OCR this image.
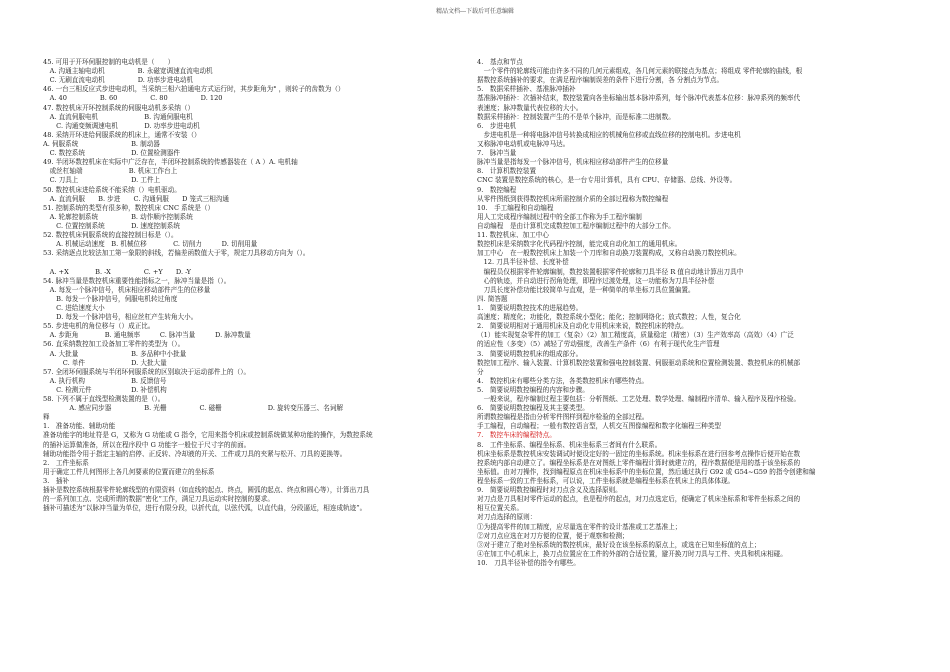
精品文档---下载后可任意编辑
45. 可用于开环伺服控制的电动机是（　　）
　A. 沟通主轴电动机　　　　　B. 永磁宽调速直流电动机
　C. 无刷直流电动机　　　　　D. 功率步进电动机
46. 一台三相反应式步进电动机，当采纳三相六拍通电方式运行时，其步距角为° ，则转子的齿数为（）
　A. 40　　　　　B. 60　　　　　C. 80　　　　　D. 120
47. 数控机床开环控制系统的伺服电动机多采纳（）
　A. 直流伺服电机　　　　　　　B. 沟通伺服电机
　　C. 沟通变频调速电机　　　　D. 功率步进电动机
48. 采纳开环进给伺服系统的机床上，通常不安装（）
A. 伺服系统　　　　　　　　B. 制动器
　C. 数控系统　　　　　　　D. 位置检测器件
49. 半闭环数控机床在实际中广泛存在，半闭环控制系统的传感器装在（ A ）A. 电机轴
　或丝杠轴端　　　　　　　B. 机床工作台上
　C. 刀具上　　　　　　　　D. 工件上
50. 数控机床进给系统不能采纳（）电机驱动。
　A. 直流伺服　　B. 步进　　C. 沟通伺服　　D 笼式三相沟通
51. 控制系统的类型有很多种，数控机床 CNC 系统是（）
　A. 轮廓控制系统　　　　　B. 动作顺序控制系统
　　C. 位置控制系统　　　　D. 速度控制系统
52. 数控机床伺服系统的直接控制目标是（）。
　　A. 机械运动速度　B. 机械位移　　　　C. 切削力　　　D. 切削用量
53. 采纳逐点比较法加工第一象限的斜线，若偏差函数值大于零，规定刀具移动方向为（）。
　A. +X　　　　B. -X　　　　　C. +Y　　D. -Y
54. 脉冲当量是数控机床重要性能指标之一，脉冲当量是指（）。
　A. 每发一个脉冲信号，机床相应移动部件产生的位移量
　　B. 每发一个脉冲信号，伺服电机转过角度
　　C. 进给速度大小
　　D. 每发一个脉冲信号，相应丝杠产生转角大小。
55. 步进电机的角位移与（）成正比。
　A. 步距角　　　　B. 通电频率　　　C. 脉冲当量　　　D. 脉冲数量
56. 直采纳数控加工设备加工零件的类型为（）。
　A. 大批量　　　　　　　　B. 多品种中小批量
　　　C. 单件　　　　　　　D. 大批大量
57. 全闭环伺服系统与半闭环伺服系统的区别取决于运动部件上的（）。
　A. 执行机构　　　　　　　B. 反馈信号
　　C. 检测元件　　　　　　D. 补偿机构
58. 下列不属于直线型检测装置的是（）。
　　　　A. 感应同步器　　　　　B. 光栅　　　　　C. 磁栅　　　　　　　D. 旋转变压器三、名词解
释
1.　准备功能、辅助功能
准备功能字的地址符是 G，又称为 G 功能或 G 指令，它用来指令机床或控制系统做某种功能的操作，为数控系统
的插补运算做准备，所以在程序段中 G 功能字一般位于尺寸字的前面。
辅助功能指令用于指定主轴的启停、正反转、冷却液的开关、工件或刀具的夹紧与松开、刀具的更换等。
2.　工件坐标系
用于确定工件几何图形上各几何要素的位置而建立的坐标系
3.　插补
插补是数控系统根据零件轮廓线型的有限资料（如直线的起点、终点，圆弧的起点、终点和圆心等），计算出刀具
的一系列加工点、完成所谓的数据“密化”工作，满足刀具运动实时控制的要求。
插补可描述为“以脉冲当量为单位，进行有限分段，以折代直，以弦代弧，以直代曲，分段逼近，相连成轨迹”。
4.　基点和节点
　一个零件的轮廓线可能由许多不同的几何元素组成，各几何元素的联接点为基点；将组成 零件轮廓的曲线，根
据数控系统插补的要求，在满足程序编制误差的条件下进行分割，各 分割点为节点。
5.　数据采样插补、基准脉冲插补
基准脉冲插补：次插补结束，数控装置向各坐标输出基本脉冲系列，每个脉冲代表基本位移：脉冲系列的频率代
表速度；脉冲数量代表位移的大小。
数据采样插补：控制装置产生的不是单个脉冲，而是标准二进制数。
6.　步进电机
　步进电机是一种将电脉冲信号转换成相应的机械角位移或直线位移的控制电机。步进电机
又称脉冲电动机或电脉冲马达。
7.　脉冲当量
脉冲当量是指每发一个脉冲信号，机床相应移动部件产生的位移量
8.　计算机数控装置
CNC 装置是数控系统的核心，是一台专用计算机，具有 CPU、存储器、总线、外设等。
9.　数控编程
从零件图纸到获得数控机床所需控制介质的全部过程称为数控编程
10.　手工编程和自动编程
用人工完成程序编制过程中的全部工作称为手工程序编制
自动编程　是由计算机完成数控加工程序编制过程中的大部分工作。
11. 数控机床、加工中心
数控机床是采纳数字化代码程序控制，能完成自动化加工的通用机床。
加工中心　在一般数控机床上加装一个刀库和自动换刀装置构成，又称自动换刀数控机床。
　12. 刀具半径补偿、长度补偿
　编程员仅根据零件轮廓编制，数控装置根据零件轮廓和刀具半径 R 值自动地计算出刀具中
　心的轨迹，并自动进行拐角处理，即程序过渡处理，这一功能称为刀具半径补偿
　刀具长度补偿功能比较简单与直观，是一种简单的单坐标刀具位置偏置。
四. 简答题
1.　简要说明数控技术的进展趋势。
高速度；精度化；功能化，数控系统小型化；能化；控制网络化；放式数控；人性，复合化
2.　简要说明相对于通用机床及自动化专用机床来说，数控机床的特点。
（1）能实现复杂零件的加工（复杂）（2）加工精度高，质量稳定（精密）（3）生产效率高（高效）（4）广泛
的适应性（多变）（5）减轻了劳动强度，改善生产条件（6）有利于现代化生产管理
3.　简要说明数控机床的组成部分。
数控加工程序、输入装置、计算机数控装置和强电控制装置、伺服驱动系统和位置检测装置、数控机床的机械部
分
4.　数控机床有哪些分类方法，各类数控机床有哪些特点。
5.　简要说明数控编程的内容和步骤。
　一般来说，程序编制过程主要包括：分析图纸、工艺处理、数学处理、编制程序清单、输入程序及程序检验。
6.　简要说明数控编程及其主要类型。
所谓数控编程是指由分析零件图样到程序检验的全部过程。
手工编程，自动编程；一般有数控语言型，人机交互图像编程和数字化编程三种类型
7.　数控车床的编程特点。
8.　工件坐标系、编程坐标系、机床坐标系三者间有什么联系。
机床坐标系是数控机床安装调试时便设定好的一固定的坐标系统。机床坐标系在进行回参考点操作后便开始在数
控系统内部自动建立了。编程坐标系是在对图纸上零件编程计算时就建立的，程序数据便是用的基于该坐标系的
坐标值。由对刀操作，找到编程原点在机床坐标系中的坐标位置，然后通过执行 G92 或 G54~G59 的指令创建和编
程坐标系一致的工件坐标系，可以说，工件坐标系就是编程坐标系在机床上的具体体现。
9.　简要说明数控编程时对刀点含义及选择原则。
对刀点是刀具相对零件运动的起点，也是程序的起点，对刀点选定后，便确定了机床坐标系和零件坐标系之间的
相互位置关系。
对刀点选择的原则：
①为提高零件的加工精度，应尽量选在零件的设计基准或工艺基准上；
②对刀点应选在对刀方便的位置，便于观察和检测；
③对于建立了绝对坐标系统的数控机床，最好设在该坐标系的原点上，或选在已知坐标值的点上；
④在加工中心机床上，换刀点位置应在工件的外部的合适位置，避开换刀时刀具与工件、夹具和机床相碰。
10.　刀具半径补偿的指令有哪些。
